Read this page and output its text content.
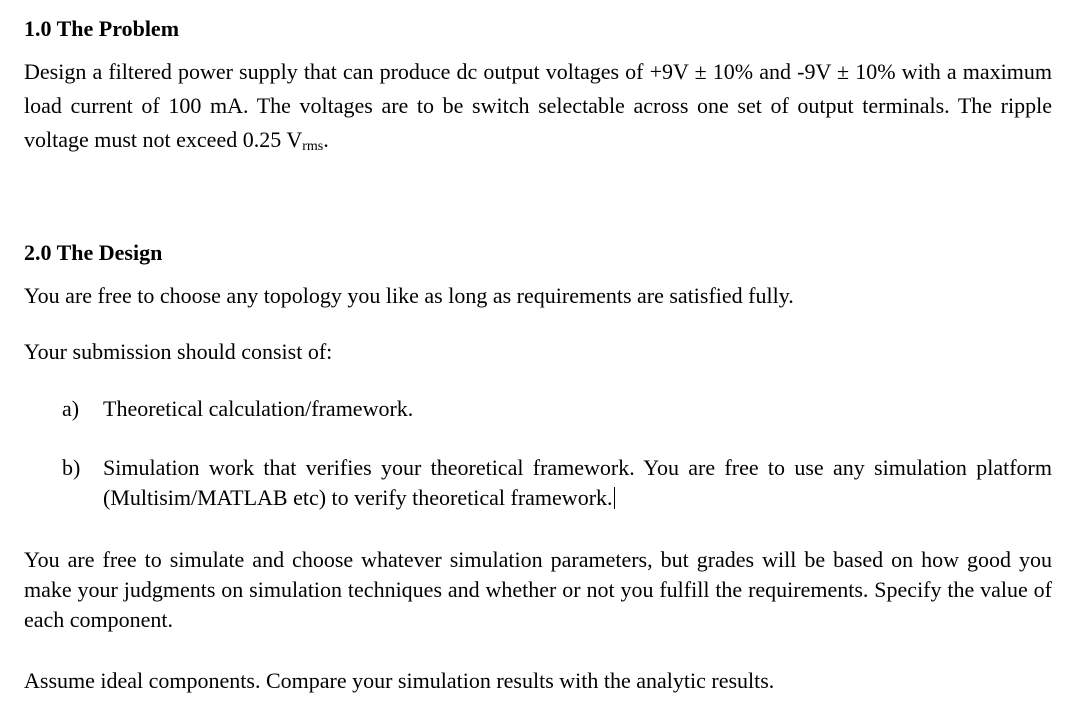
1.0 The Problem

Design a filtered power supply that can produce dc output voltages of +9V ± 10% and -9V ± 10% with a maximum load current of 100 mA. The voltages are to be switch selectable across one set of output terminals. The ripple voltage must not exceed 0.25 $V_{rms}$.

2.0 The Design

You are free to choose any topology you like as long as requirements are satisfied fully.

Your submission should consist of:

a) Theoretical calculation/framework.
b) Simulation work that verifies your theoretical framework. You are free to use any simulation platform (Multisim/MATLAB etc) to verify theoretical framework.

You are free to simulate and choose whatever simulation parameters, but grades will be based on how good you make your judgments on simulation techniques and whether or not you fulfill the requirements. Specify the value of each component.

Assume ideal components. Compare your simulation results with the analytic results.
